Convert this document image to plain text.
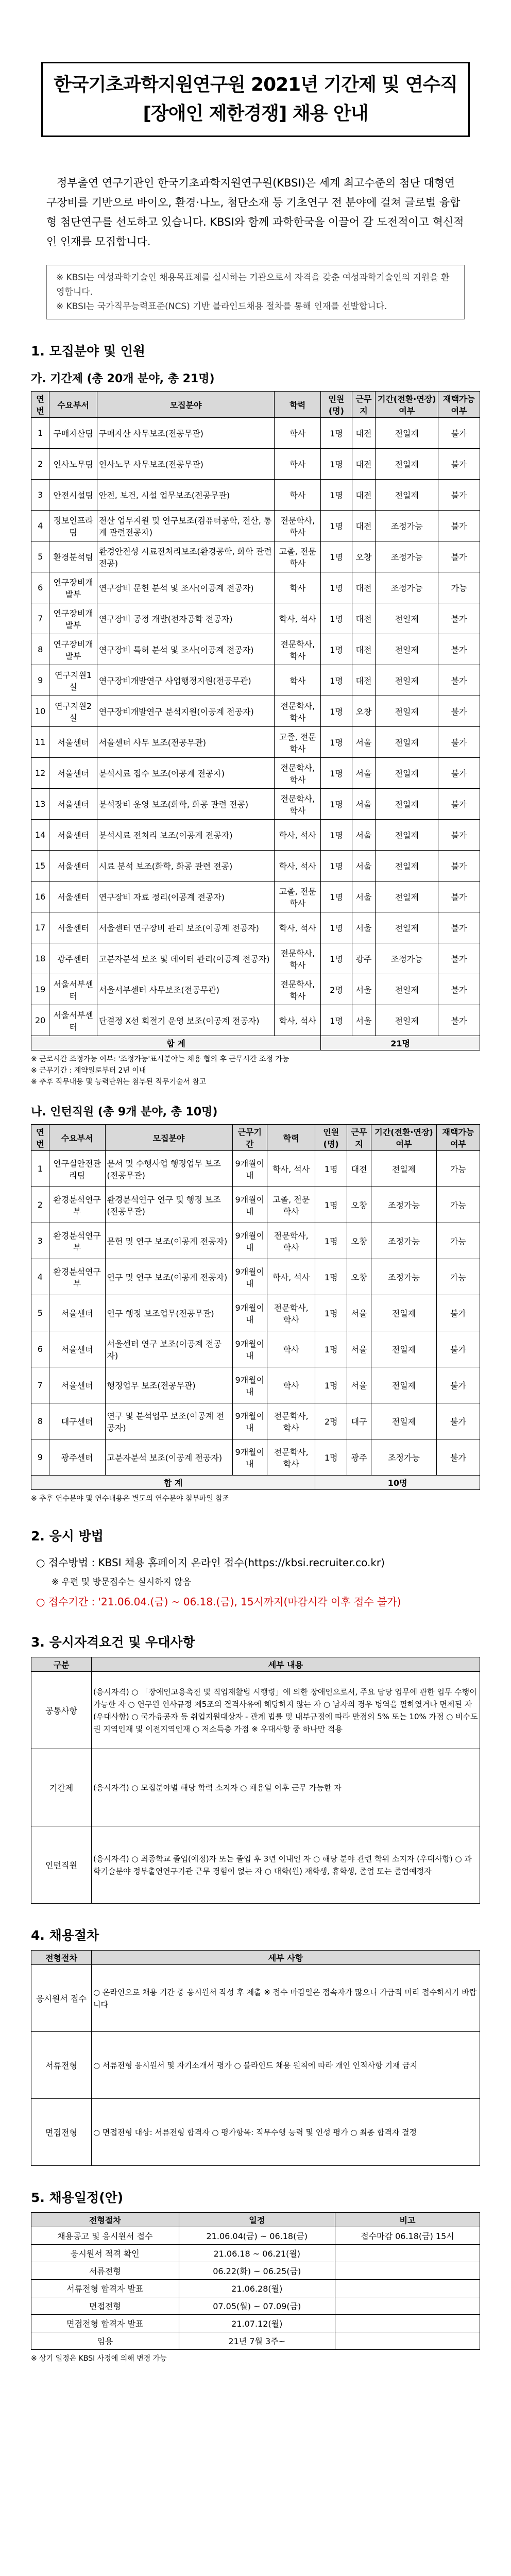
한국기초과학지원연구원 2021년 기간제 및 연수직
[장애인 제한경쟁] 채용 안내
정부출연 연구기관인 한국기초과학지원연구원(KBSI)은 세계 최고수준의 첨단 대형연구장비를 기반으로 바이오, 환경·나노, 첨단소재 등 기초연구 전 분야에 걸쳐 글로벌 융합형 첨단연구를 선도하고 있습니다. KBSI와 함께 과학한국을 이끌어 갈 도전적이고 혁신적인 인재를 모집합니다.

※ KBSI는 여성과학기술인 채용목표제를 실시하는 기관으로서 자격을 갖춘 여성과학기술인의 지원을 환영합니다.

※ KBSI는 국가직무능력표준(NCS) 기반 블라인드채용 절차를 통해 인재를 선발합니다.

1. 모집분야 및 인원
가. 기간제 (총 20개 분야, 총 21명)
연번	수요부서	모집분야	학력	인원(명)	근무지	기간(전환·연장)여부	재택가능여부
1	구매자산팀	구매자산 사무보조(전공무관)	학사	1명	대전	전일제	불가
2	인사노무팀	인사노무 사무보조(전공무관)	학사	1명	대전	전일제	불가
3	안전시설팀	안전, 보건, 시설 업무보조(전공무관)	학사	1명	대전	전일제	불가
4	정보인프라팀	전산 업무지원 및 연구보조(컴퓨터공학, 전산, 통계 관련전공자)	전문학사, 학사	1명	대전	조정가능	불가
5	환경분석팀	환경안전성 시료전처리보조(환경공학, 화학 관련전공)	고졸, 전문학사	1명	오창	조정가능	불가
6	연구장비개발부	연구장비 문헌 분석 및 조사(이공계 전공자)	학사	1명	대전	조정가능	가능
7	연구장비개발부	연구장비 공정 개발(전자공학 전공자)	학사, 석사	1명	대전	전일제	불가
8	연구장비개발부	연구장비 특허 분석 및 조사(이공계 전공자)	전문학사, 학사	1명	대전	전일제	불가
9	연구지원1실	연구장비개발연구 사업행정지원(전공무관)	학사	1명	대전	전일제	불가
10	연구지원2실	연구장비개발연구 분석지원(이공계 전공자)	전문학사, 학사	1명	오창	전일제	불가
11	서울센터	서울센터 사무 보조(전공무관)	고졸, 전문학사	1명	서울	전일제	불가
12	서울센터	분석시료 접수 보조(이공계 전공자)	전문학사, 학사	1명	서울	전일제	불가
13	서울센터	분석장비 운영 보조(화학, 화공 관련 전공)	전문학사, 학사	1명	서울	전일제	불가
14	서울센터	분석시료 전처리 보조(이공계 전공자)	학사, 석사	1명	서울	전일제	불가
15	서울센터	시료 분석 보조(화학, 화공 관련 전공)	학사, 석사	1명	서울	전일제	불가
16	서울센터	연구장비 자료 정리(이공계 전공자)	고졸, 전문학사	1명	서울	전일제	불가
17	서울센터	서울센터 연구장비 관리 보조(이공계 전공자)	학사, 석사	1명	서울	전일제	불가
18	광주센터	고분자분석 보조 및 데이터 관리(이공계 전공자)	전문학사, 학사	1명	광주	조정가능	불가
19	서울서부센터	서울서부센터 사무보조(전공무관)	전문학사, 학사	2명	서울	전일제	불가
20	서울서부센터	단결정 X선 회절기 운영 보조(이공계 전공자)	학사, 석사	1명	서울	전일제	불가
합 계				21명			

※ 근로시간 조정가능 여부: '조정가능'표시분야는 채용 협의 후 근무시간 조정 가능

※ 근무기간 : 계약일로부터 2년 이내

※ 추후 직무내용 및 능력단위는 첨부된 직무기술서 참고

나. 인턴직원 (총 9개 분야, 총 10명)
연번	수요부서	모집분야	근무기간	학력	인원(명)	근무지	기간(전환·연장)여부	재택가능여부
1	연구실안전관리팀	문서 및 수행사업 행정업무 보조(전공무관)	9개월이내	학사, 석사	1명	대전	전일제	가능
2	환경분석연구부	환경분석연구 연구 및 행정 보조(전공무관)	9개월이내	고졸, 전문학사	1명	오창	조정가능	가능
3	환경분석연구부	문헌 및 연구 보조(이공계 전공자)	9개월이내	전문학사, 학사	1명	오창	조정가능	가능
4	환경분석연구부	연구 및 연구 보조(이공계 전공자)	9개월이내	학사, 석사	1명	오창	조정가능	가능
5	서울센터	연구 행정 보조업무(전공무관)	9개월이내	전문학사, 학사	1명	서울	전일제	불가
6	서울센터	서울센터 연구 보조(이공계 전공자)	9개월이내	학사	1명	서울	전일제	불가
7	서울센터	행정업무 보조(전공무관)	9개월이내	학사	1명	서울	전일제	불가
8	대구센터	연구 및 분석업무 보조(이공계 전공자)	9개월이내	전문학사, 학사	2명	대구	전일제	불가
9	광주센터	고분자분석 보조(이공계 전공자)	9개월이내	전문학사, 학사	1명	광주	조정가능	불가
합 계					10명			
※ 추후 연수분야 및 연수내용은 별도의 연수분야 첨부파일 참조
2. 응시 방법

○ 접수방법 : KBSI 채용 홈페이지 온라인 접수(https://kbsi.recruiter.co.kr)

※ 우편 및 방문접수는 실시하지 않음

○ 접수기간 : '21.06.04.(금) ~ 06.18.(금), 15시까지(마감시각 이후 접수 불가)

3. 응시자격요건 및 우대사항
구분	세부 내용
공통사항	(응시자격) ○ 「장애인고용촉진 및 직업재활법 시행령」에 의한 장애인으로서, 주요 담당 업무에 관한 업무 수행이 가능한 자 ○ 연구원 인사규정 제5조의 결격사유에 해당하지 않는 자 ○ 남자의 경우 병역을 필하였거나 면제된 자 (우대사항) ○ 국가유공자 등 취업지원대상자 - 관계 법률 및 내부규정에 따라 만점의 5% 또는 10% 가점 ○ 비수도권 지역인재 및 이전지역인재 ○ 저소득층 가점 ※ 우대사항 중 하나만 적용
기간제	(응시자격) ○ 모집분야별 해당 학력 소지자 ○ 채용일 이후 근무 가능한 자
인턴직원	(응시자격) ○ 최종학교 졸업(예정)자 또는 졸업 후 3년 이내인 자 ○ 해당 분야 관련 학위 소지자 (우대사항) ○ 과학기술분야 정부출연연구기관 근무 경험이 없는 자 ○ 대학(원) 재학생, 휴학생, 졸업 또는 졸업예정자
4. 채용절차
전형절차	세부 사항
응시원서 접수	○ 온라인으로 채용 기간 중 응시원서 작성 후 제출 ※ 접수 마감일은 접속자가 많으니 가급적 미리 접수하시기 바랍니다
서류전형	○ 서류전형 응시원서 및 자기소개서 평가 ○ 블라인드 채용 원칙에 따라 개인 인적사항 기재 금지
면접전형	○ 면접전형 대상: 서류전형 합격자 ○ 평가항목: 직무수행 능력 및 인성 평가 ○ 최종 합격자 결정
5. 채용일정(안)
전형절차	일정	비고
채용공고 및 응시원서 접수	21.06.04(금) ~ 06.18(금)	접수마감 06.18(금) 15시
응시원서 적격 확인	21.06.18 ~ 06.21(월)	
서류전형	06.22(화) ~ 06.25(금)	
서류전형 합격자 발표	21.06.28(월)	
면접전형	07.05(월) ~ 07.09(금)	
면접전형 합격자 발표	21.07.12(월)	
임용	21년 7월 3주~	
※ 상기 일정은 KBSI 사정에 의해 변경 가능
